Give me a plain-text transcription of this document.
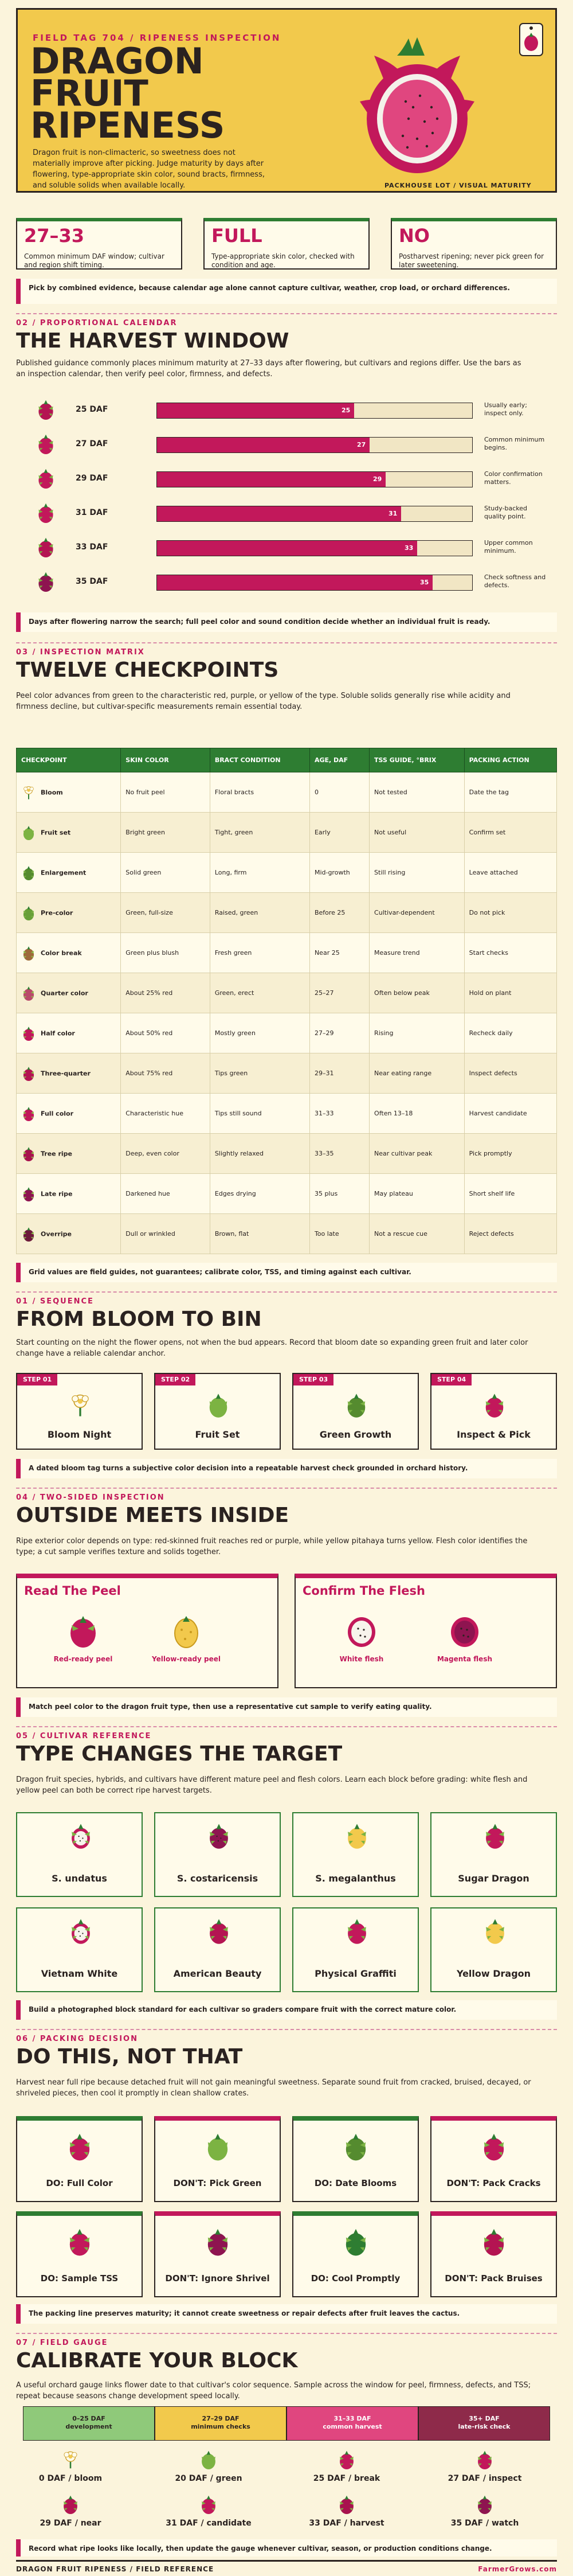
FIELD TAG 704 / RIPENESS INSPECTION
DRAGON FRUIT RIPENESS
Dragon fruit is non-climacteric, so sweetness does not materially improve after picking. Judge maturity by days after flowering, type-appropriate skin color, sound bracts, firmness, and soluble solids when available locally.	PACKHOUSE LOT / VISUAL MATURITY
27–33
Common minimum DAF window; cultivar and region shift timing.
FULL
Type-appropriate skin color, checked with condition and age.
NO
Postharvest ripening; never pick green for later sweetening.
Pick by combined evidence, because calendar age alone cannot capture cultivar, weather, crop load, or orchard differences.
02 / PROPORTIONAL CALENDAR
THE HARVEST WINDOW
Published guidance commonly places minimum maturity at 27–33 days after flowering, but cultivars and regions differ. Use the bars as an inspection calendar, then verify peel color, firmness, and defects.
25 DAF	25
Usually early; inspect only.
27 DAF	27
Common minimum begins.
29 DAF	29
Color confirmation matters.
31 DAF	31
Study-backed quality point.
33 DAF	33
Upper common minimum.
35 DAF	35
Check softness and defects.
Days after flowering narrow the search; full peel color and sound condition decide whether an individual fruit is ready.
03 / INSPECTION MATRIX
TWELVE CHECKPOINTS
Peel color advances from green to the characteristic red, purple, or yellow of the type. Soluble solids generally rise while acidity and firmness decline, but cultivar-specific measurements remain essential today.
CHECKPOINT	SKIN COLOR	BRACT CONDITION	AGE, DAF	TSS GUIDE, °BRIX	PACKING ACTION
Bloom	No fruit peel	Floral bracts	0	Not tested	Date the tag
Fruit set	Bright green	Tight, green	Early	Not useful	Confirm set
Enlargement	Solid green	Long, firm	Mid-growth	Still rising	Leave attached
Pre-color	Green, full-size	Raised, green	Before 25	Cultivar-dependent	Do not pick
Color break	Green plus blush	Fresh green	Near 25	Measure trend	Start checks
Quarter color	About 25% red	Green, erect	25–27	Often below peak	Hold on plant
Half color	About 50% red	Mostly green	27–29	Rising	Recheck daily
Three-quarter	About 75% red	Tips green	29–31	Near eating range	Inspect defects
Full color	Characteristic hue	Tips still sound	31–33	Often 13–18	Harvest candidate
Tree ripe	Deep, even color	Slightly relaxed	33–35	Near cultivar peak	Pick promptly
Late ripe	Darkened hue	Edges drying	35 plus	May plateau	Short shelf life
Overripe	Dull or wrinkled	Brown, flat	Too late	Not a rescue cue	Reject defects
Grid values are field guides, not guarantees; calibrate color, TSS, and timing against each cultivar.
01 / SEQUENCE
FROM BLOOM TO BIN
Start counting on the night the flower opens, not when the bud appears. Record that bloom date so expanding green fruit and later color change have a reliable calendar anchor.
STEP 01
Bloom Night
STEP 02
Fruit Set
STEP 03
Green Growth
STEP 04
Inspect & Pick
A dated bloom tag turns a subjective color decision into a repeatable harvest check grounded in orchard history.
04 / TWO-SIDED INSPECTION
OUTSIDE MEETS INSIDE
Ripe exterior color depends on type: red-skinned fruit reaches red or purple, while yellow pitahaya turns yellow. Flesh color identifies the type; a cut sample verifies texture and solids together.
Read The Peel
Red-ready peel	Yellow-ready peel
Confirm The Flesh
White flesh	Magenta flesh
Match peel color to the dragon fruit type, then use a representative cut sample to verify eating quality.
05 / CULTIVAR REFERENCE
TYPE CHANGES THE TARGET
Dragon fruit species, hybrids, and cultivars have different mature peel and flesh colors. Learn each block before grading: white flesh and yellow peel can both be correct ripe harvest targets.
S. undatus	S. costaricensis	S. megalanthus	Sugar Dragon
Vietnam White	American Beauty	Physical Graffiti	Yellow Dragon
Build a photographed block standard for each cultivar so graders compare fruit with the correct mature color.
06 / PACKING DECISION
DO THIS, NOT THAT
Harvest near full ripe because detached fruit will not gain meaningful sweetness. Separate sound fruit from cracked, bruised, decayed, or shriveled pieces, then cool it promptly in clean shallow crates.
DO: Full Color	DON'T: Pick Green	DO: Date Blooms	DON'T: Pack Cracks
DO: Sample TSS	DON'T: Ignore Shrivel	DO: Cool Promptly	DON'T: Pack Bruises
The packing line preserves maturity; it cannot create sweetness or repair defects after fruit leaves the cactus.
07 / FIELD GAUGE
CALIBRATE YOUR BLOCK
A useful orchard gauge links flower date to that cultivar's color sequence. Sample across the window for peel, firmness, defects, and TSS; repeat because seasons change development speed locally.
0–25 DAF
development
27–29 DAF
minimum checks
31–33 DAF
common harvest
35+ DAF
late-risk check
0 DAF / bloom	20 DAF / green	25 DAF / break	27 DAF / inspect
29 DAF / near	31 DAF / candidate	33 DAF / harvest	35 DAF / watch
Record what ripe looks like locally, then update the gauge whenever cultivar, season, or production conditions change.
DRAGON FRUIT RIPENESS / FIELD REFERENCE	FarmerGrows.com
